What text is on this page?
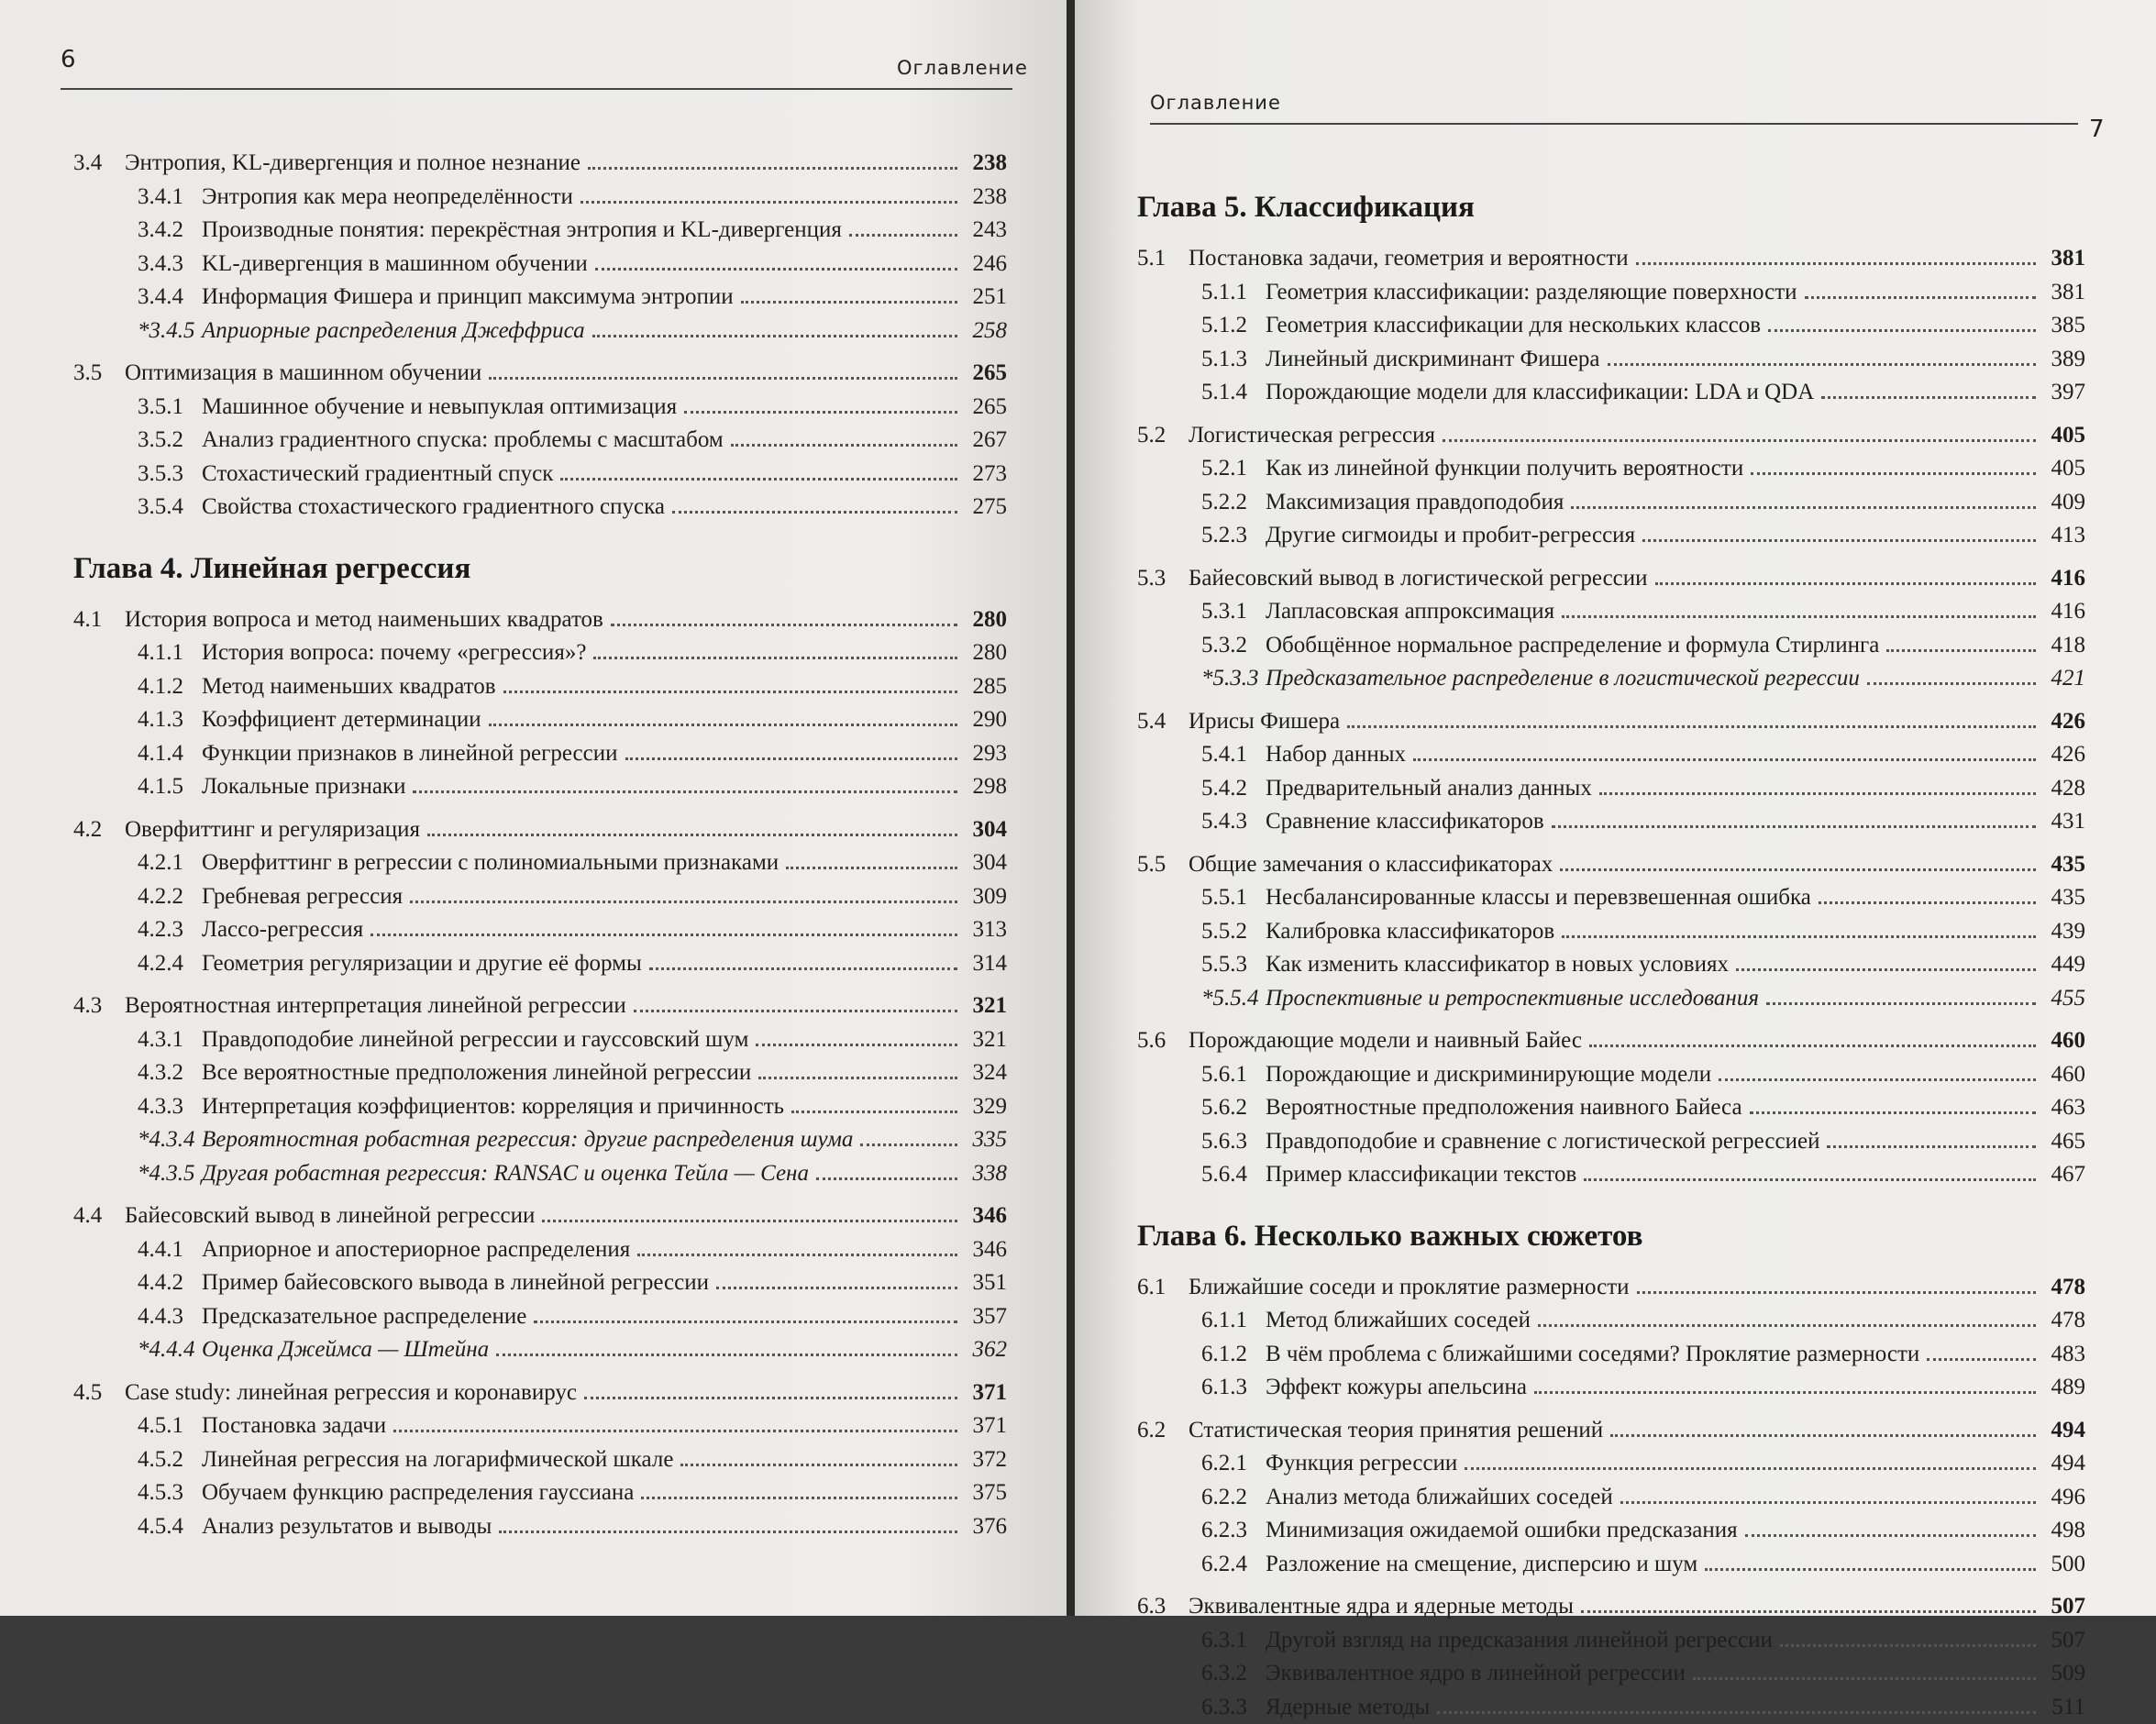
6	Оглавление
3.4 Энтропия, KL-дивергенция и полное незнание	238
3.4.1 Энтропия как мера неопределённости	238
3.4.2 Производные понятия: перекрёстная энтропия и KL-дивергенция	243
3.4.3 KL-дивергенция в машинном обучении	246
3.4.4 Информация Фишера и принцип максимума энтропии	251
*3.4.5 Априорные распределения Джеффриса	258
3.5 Оптимизация в машинном обучении	265
3.5.1 Машинное обучение и невыпуклая оптимизация	265
3.5.2 Анализ градиентного спуска: проблемы с масштабом	267
3.5.3 Стохастический градиентный спуск	273
3.5.4 Свойства стохастического градиентного спуска	275
Глава 4. Линейная регрессия
4.1 История вопроса и метод наименьших квадратов	280
4.1.1 История вопроса: почему «регрессия»?	280
4.1.2 Метод наименьших квадратов	285
4.1.3 Коэффициент детерминации	290
4.1.4 Функции признаков в линейной регрессии	293
4.1.5 Локальные признаки	298
4.2 Оверфиттинг и регуляризация	304
4.2.1 Оверфиттинг в регрессии с полиномиальными признаками	304
4.2.2 Гребневая регрессия	309
4.2.3 Лассо-регрессия	313
4.2.4 Геометрия регуляризации и другие её формы	314
4.3 Вероятностная интерпретация линейной регрессии	321
4.3.1 Правдоподобие линейной регрессии и гауссовский шум	321
4.3.2 Все вероятностные предположения линейной регрессии	324
4.3.3 Интерпретация коэффициентов: корреляция и причинность	329
*4.3.4 Вероятностная робастная регрессия: другие распределения шума	335
*4.3.5 Другая робастная регрессия: RANSAC и оценка Тейла — Сена	338
4.4 Байесовский вывод в линейной регрессии	346
4.4.1 Априорное и апостериорное распределения	346
4.4.2 Пример байесовского вывода в линейной регрессии	351
4.4.3 Предсказательное распределение	357
*4.4.4 Оценка Джеймса — Штейна	362
4.5 Case study: линейная регрессия и коронавирус	371
4.5.1 Постановка задачи	371
4.5.2 Линейная регрессия на логарифмической шкале	372
4.5.3 Обучаем функцию распределения гауссиана	375
4.5.4 Анализ результатов и выводы	376
Оглавление
7
Глава 5. Классификация
5.1 Постановка задачи, геометрия и вероятности	381
5.1.1 Геометрия классификации: разделяющие поверхности	381
5.1.2 Геометрия классификации для нескольких классов	385
5.1.3 Линейный дискриминант Фишера	389
5.1.4 Порождающие модели для классификации: LDA и QDA	397
5.2 Логистическая регрессия	405
5.2.1 Как из линейной функции получить вероятности	405
5.2.2 Максимизация правдоподобия	409
5.2.3 Другие сигмоиды и пробит-регрессия	413
5.3 Байесовский вывод в логистической регрессии	416
5.3.1 Лапласовская аппроксимация	416
5.3.2 Обобщённое нормальное распределение и формула Стирлинга	418
*5.3.3 Предсказательное распределение в логистической регрессии	421
5.4 Ирисы Фишера	426
5.4.1 Набор данных	426
5.4.2 Предварительный анализ данных	428
5.4.3 Сравнение классификаторов	431
5.5 Общие замечания о классификаторах	435
5.5.1 Несбалансированные классы и перевзвешенная ошибка	435
5.5.2 Калибровка классификаторов	439
5.5.3 Как изменить классификатор в новых условиях	449
*5.5.4 Проспективные и ретроспективные исследования	455
5.6 Порождающие модели и наивный Байес	460
5.6.1 Порождающие и дискриминирующие модели	460
5.6.2 Вероятностные предположения наивного Байеса	463
5.6.3 Правдоподобие и сравнение с логистической регрессией	465
5.6.4 Пример классификации текстов	467
Глава 6. Несколько важных сюжетов
6.1 Ближайшие соседи и проклятие размерности	478
6.1.1 Метод ближайших соседей	478
6.1.2 В чём проблема с ближайшими соседями? Проклятие размерности	483
6.1.3 Эффект кожуры апельсина	489
6.2 Статистическая теория принятия решений	494
6.2.1 Функция регрессии	494
6.2.2 Анализ метода ближайших соседей	496
6.2.3 Минимизация ожидаемой ошибки предсказания	498
6.2.4 Разложение на смещение, дисперсию и шум	500
6.3 Эквивалентные ядра и ядерные методы	507
6.3.1 Другой взгляд на предсказания линейной регрессии	507
6.3.2 Эквивалентное ядро в линейной регрессии	509
6.3.3 Ядерные методы	511
